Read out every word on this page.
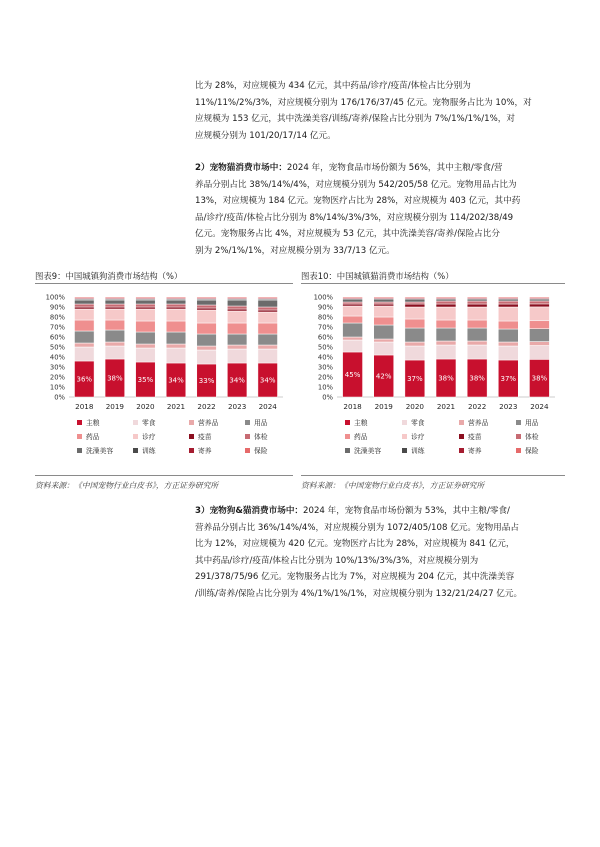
比为 28%，对应规模为 434 亿元，其中药品/诊疗/疫苗/体检占比分别为
11%/11%/2%/3%，对应规模分别为 176/176/37/45 亿元。宠物服务占比为 10%，对
应规模为 153 亿元，其中洗澡美容/训练/寄养/保险占比分别为 7%/1%/1%/1%，对
应规模分别为 101/20/17/14 亿元。
2）宠物猫消费市场中：2024 年，宠物食品市场份额为 56%，其中主粮/零食/营
养品分别占比 38%/14%/4%，对应规模分别为 542/205/58 亿元。宠物用品占比为
13%，对应规模为 184 亿元。宠物医疗占比为 28%，对应规模为 403 亿元，其中药
品/诊疗/疫苗/体检占比分别为 8%/14%/3%/3%，对应规模分别为 114/202/38/49
亿元。宠物服务占比 4%，对应规模为 53 亿元，其中洗澡美容/寄养/保险占比分
别为 2%/1%/1%，对应规模分别为 33/7/13 亿元。
图表9：中国城镇狗消费市场结构（%）	图表10：中国城镇猫消费市场结构（%）
0%
10%
20%
30%
40%
50%
60%
70%
80%
90%
100%
36%
2018
38%
2019
35%
2020
34%
2021
33%
2022
34%
2023
34%
2024
主粮	零食	营养品	用品
药品	诊疗	疫苗	体检
洗澡美容	训练	寄养	保险
0%
10%
20%
30%
40%
50%
60%
70%
80%
90%
100%
45%
2018
42%
2019
37%
2020
38%
2021
38%
2022
37%
2023
38%
2024
主粮	零食	营养品	用品
药品	诊疗	疫苗	体检
洗澡美容	训练	寄养	保险
资料来源：《中国宠物行业白皮书》，方正证券研究所	资料来源：《中国宠物行业白皮书》，方正证券研究所
3）宠物狗&猫消费市场中：2024 年，宠物食品市场份额为 53%，其中主粮/零食/
营养品分别占比 36%/14%/4%，对应规模分别为 1072/405/108 亿元。宠物用品占
比为 12%，对应规模为 420 亿元。宠物医疗占比为 28%，对应规模为 841 亿元，
其中药品/诊疗/疫苗/体检占比分别为 10%/13%/3%/3%，对应规模分别为
291/378/75/96 亿元。宠物服务占比为 7%，对应规模为 204 亿元，其中洗澡美容
/训练/寄养/保险占比分别为 4%/1%/1%/1%，对应规模分别为 132/21/24/27 亿元。
